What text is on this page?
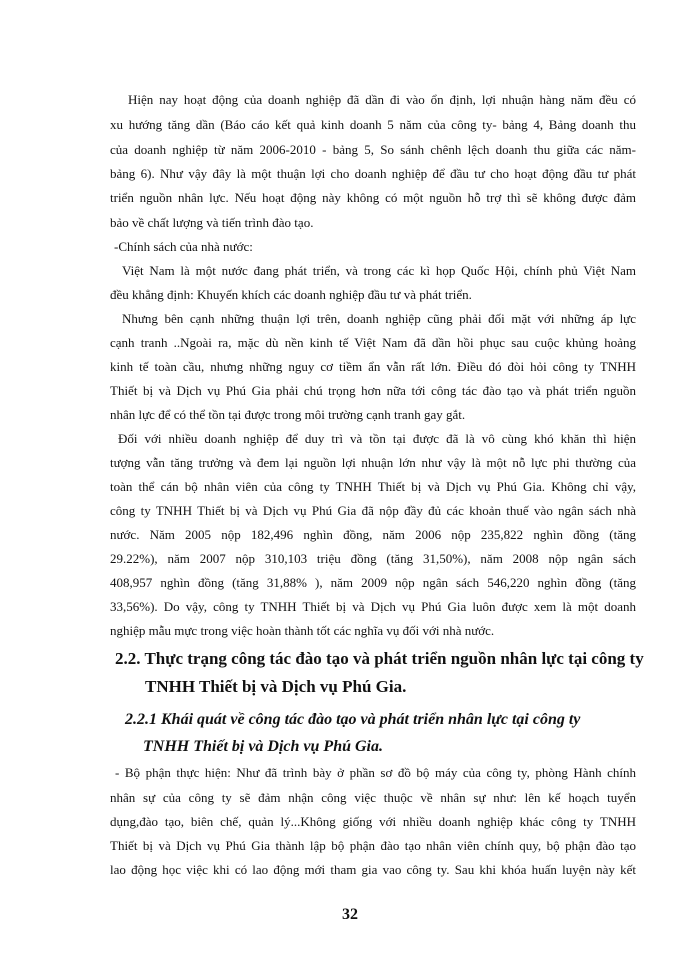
Hiện nay hoạt động của doanh nghiệp đã dần đi vào ổn định, lợi nhuận hàng năm đều có

xu hướng tăng dần (Báo cáo kết quả kinh doanh 5 năm của công ty- bảng 4, Bảng doanh thu

của doanh nghiệp từ năm 2006-2010 - bảng 5, So sánh chênh lệch doanh thu giữa các năm-

bảng 6). Như vậy đây là một thuận lợi cho doanh nghiệp để đầu tư cho hoạt động đầu tư phát

triển nguồn nhân lực. Nếu hoạt động này không có một nguồn hỗ trợ thì sẽ không được đảm

bảo về chất lượng và tiến trình đào tạo.

-Chính sách của nhà nước:

Việt Nam là một nước đang phát triển, và trong các kì họp Quốc Hội, chính phủ Việt Nam

đều khẳng định: Khuyến khích các doanh nghiệp đầu tư và phát triển.

Nhưng bên cạnh những thuận lợi trên, doanh nghiệp cũng phải đối mặt với những áp lực

cạnh tranh ..Ngoài ra, mặc dù nền kinh tế Việt Nam đã dần hồi phục sau cuộc khủng hoảng

kinh tế toàn cầu, nhưng những nguy cơ tiềm ẩn vẫn rất lớn. Điều đó đòi hỏi công ty TNHH

Thiết bị và Dịch vụ Phú Gia phải chú trọng hơn nữa tới công tác đào tạo và phát triển nguồn

nhân lực để có thể tồn tại được trong môi trường cạnh tranh gay gắt.

Đối với nhiều doanh nghiệp để duy trì và tồn tại được đã là vô cùng khó khăn thì hiện

tượng vẫn tăng trưởng và đem lại nguồn lợi nhuận lớn như vậy là một nỗ lực phi thường của

toàn thể cán bộ nhân viên của công ty TNHH Thiết bị và Dịch vụ Phú Gia. Không chỉ vậy,

công ty TNHH Thiết bị và Dịch vụ Phú Gia đã nộp đầy đủ các khoản thuế vào ngân sách nhà

nước. Năm 2005 nộp 182,496 nghìn đồng, năm 2006 nộp 235,822 nghìn đồng (tăng

29.22%), năm 2007 nộp 310,103 triệu đồng (tăng 31,50%), năm 2008 nộp ngân sách

408,957 nghìn đồng (tăng 31,88% ), năm 2009 nộp ngân sách 546,220 nghìn đồng (tăng

33,56%). Do vậy, công ty TNHH Thiết bị và Dịch vụ Phú Gia luôn được xem là một doanh

nghiệp mẫu mực trong việc hoàn thành tốt các nghĩa vụ đối với nhà nước.

2.2. Thực trạng công tác đào tạo và phát triển nguồn nhân lực tại công ty
TNHH Thiết bị và Dịch vụ Phú Gia.
2.2.1 Khái quát về công tác đào tạo và phát triển nhân lực tại công ty
TNHH Thiết bị và Dịch vụ Phú Gia.

- Bộ phận thực hiện: Như đã trình bày ở phần sơ đồ bộ máy của công ty, phòng Hành chính

nhân sự của công ty sẽ đảm nhận công việc thuộc về nhân sự như: lên kế hoạch tuyển

dụng,đào tạo, biên chế, quản lý...Không giống với nhiều doanh nghiệp khác công ty TNHH

Thiết bị và Dịch vụ Phú Gia thành lập bộ phận đào tạo nhân viên chính quy, bộ phận đào tạo

lao động học việc khi có lao động mới tham gia vao công ty. Sau khi khóa huấn luyện này kết

32
